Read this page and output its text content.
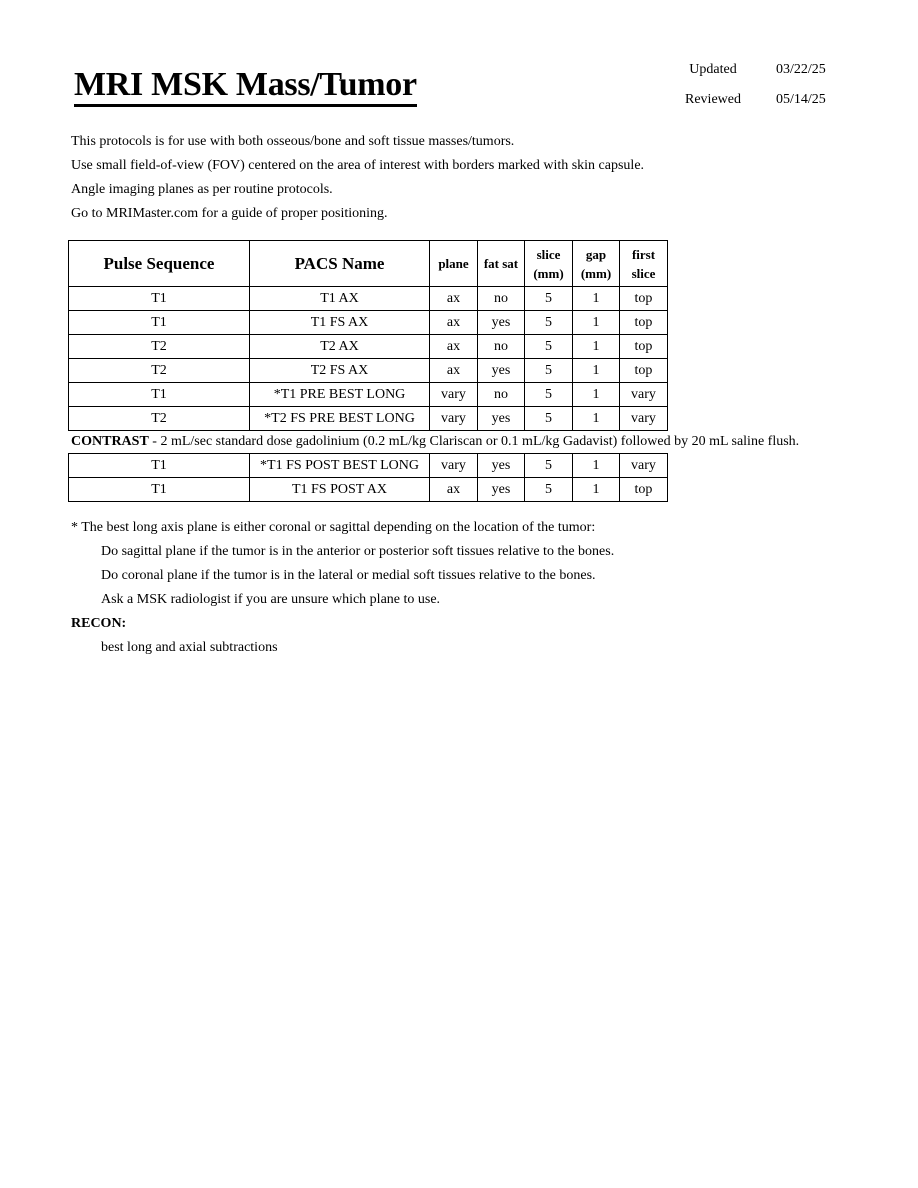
MRI MSK Mass/Tumor	Updated	03/22/25
Reviewed	05/14/25
This protocols is for use with both osseous/bone and soft tissue masses/tumors.
Use small field-of-view (FOV) centered on the area of interest with borders marked with skin capsule.
Angle imaging planes as per routine protocols.
Go to MRIMaster.com for a guide of proper positioning.
Pulse Sequence	PACS Name	plane	fat sat	slice (mm)	gap (mm)	first slice
T1	T1 AX	ax	no	5	1	top
T1	T1 FS AX	ax	yes	5	1	top
T2	T2 AX	ax	no	5	1	top
T2	T2 FS AX	ax	yes	5	1	top
T1	*T1 PRE BEST LONG	vary	no	5	1	vary
T2	*T2 FS PRE BEST LONG	vary	yes	5	1	vary
CONTRAST - 2 mL/sec standard dose gadolinium (0.2 mL/kg Clariscan or 0.1 mL/kg Gadavist) followed by 20 mL saline flush.
T1	*T1 FS POST BEST LONG	vary	yes	5	1	vary
T1	T1 FS POST AX	ax	yes	5	1	top
* The best long axis plane is either coronal or sagittal depending on the location of the tumor:
Do sagittal plane if the tumor is in the anterior or posterior soft tissues relative to the bones.
Do coronal plane if the tumor is in the lateral or medial soft tissues relative to the bones.
Ask a MSK radiologist if you are unsure which plane to use.
RECON:
best long and axial subtractions
